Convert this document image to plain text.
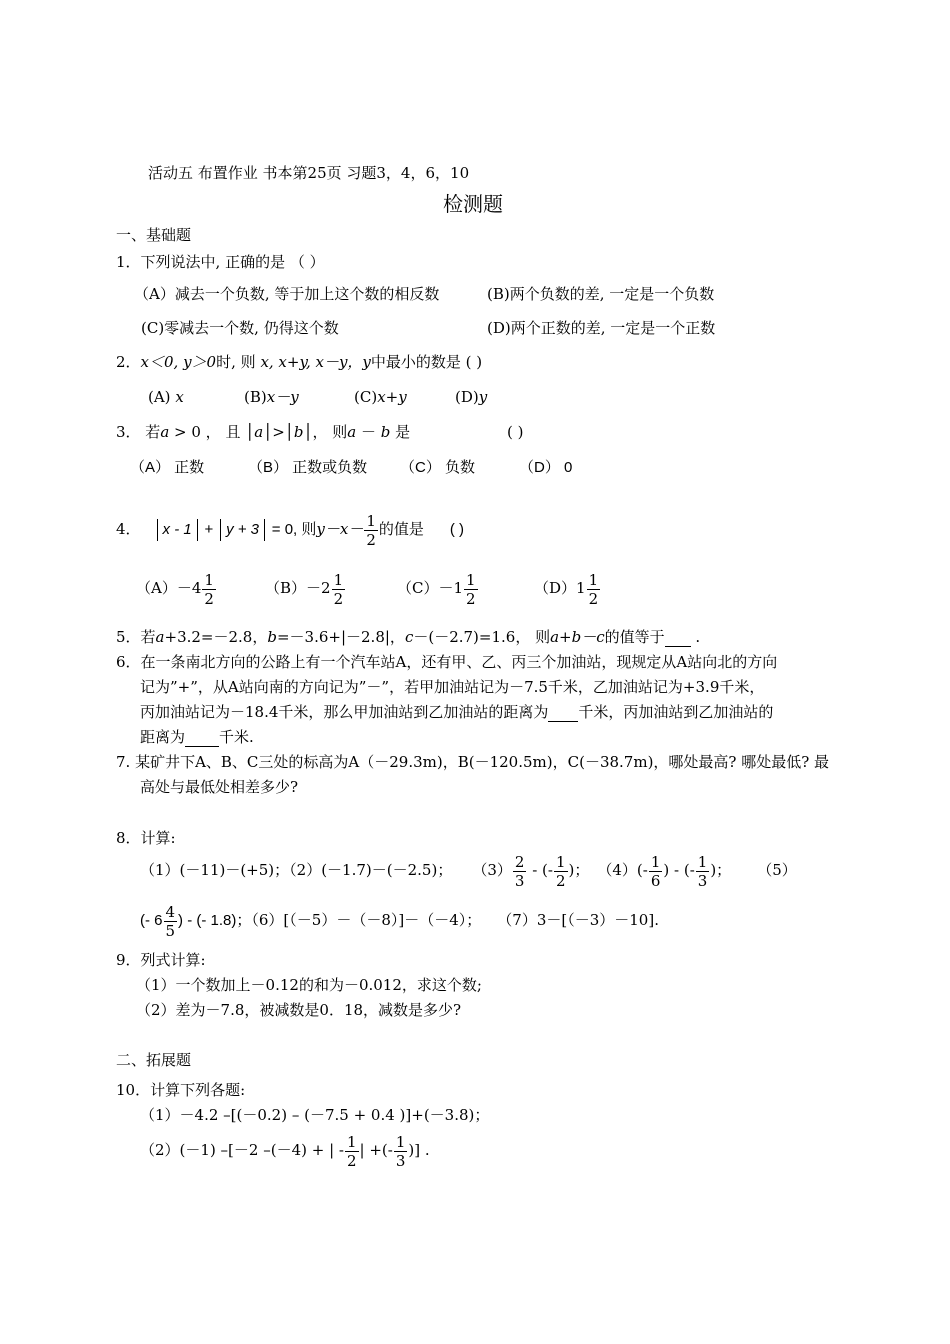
活动五 布置作业 书本第25页 习题3，4，6，10
检测题
一、基础题
1．下列说法中, 正确的是 （ ）
（A）减去一个负数, 等于加上这个数的相反数	(B)两个负数的差, 一定是一个负数
(C)零减去一个数, 仍得这个数	(D)两个正数的差, 一定是一个正数
2．x＜0, y＞0时, 则 x, x+y, x－y，y中最小的数是 ( )
(A) x	(B)x－y	(C)x+y	(D)y
3． 若a > 0 ， 且 │a│>│b│， 则a － b 是	( )
（A） 正数	（B） 正数或负数 （C） 负数	（D） 0
4． x - 1 + y + 3 = 0, 则$y-x- \frac{1}{2}$ 的值是 ( )
$(A)-4 \frac{1}{2}$	$(B)-2 \frac{1}{2}$	$(C)-1 \frac{1}{2}$	$(D)1 \frac{1}{2}$
5．若a+3.2=－2.8，b=－3.6+|－2.8|，c－(－2.7)=1.6， 则a+b－c的值等于 .
6．在一条南北方向的公路上有一个汽车站A，还有甲、乙、丙三个加油站，现规定从A站向北的方向
记为”+”，从A站向南的方向记为”－”，若甲加油站记为－7.5千米，乙加油站记为+3.9千米，
丙加油站记为－18.4千米，那么甲加油站到乙加油站的距离为 千米，丙加油站到乙加油站的
距离为 千米.
7. 某矿井下A、B、C三处的标高为A（－29.3m)，B(－120.5m)，C(－38.7m)，哪处最高? 哪处最低? 最
高处与最低处相差多少?
8．计算:
（1）(－11)－(+5)；（2）(－1.7)－(－2.5)； $(3) \frac{2}{3}$ - (- $\frac{1}{2}$ )； $(4)(- \frac{1}{6}$ ) - (- $\frac{1}{3}$ )； （5）
(- $6 \frac{4}{5}$ ) - (- 1.8)；（6）[（－5）－（－8）]－（－4）； （7）3－[（－3）－10].
9．列式计算:
（1）一个数加上－0.12的和为－0.012，求这个数;
（2）差为－7.8，被减数是0．18，减数是多少?
二、拓展题
10．计算下列各题:
（1）－4.2 –[(－0.2) – (－7.5 + 0.4 )]+(－3.8)；
（2）(－1) –[－2 –(－4) + | - $\frac{1}{2}$ | +(- $\frac{1}{3}$ )] .
